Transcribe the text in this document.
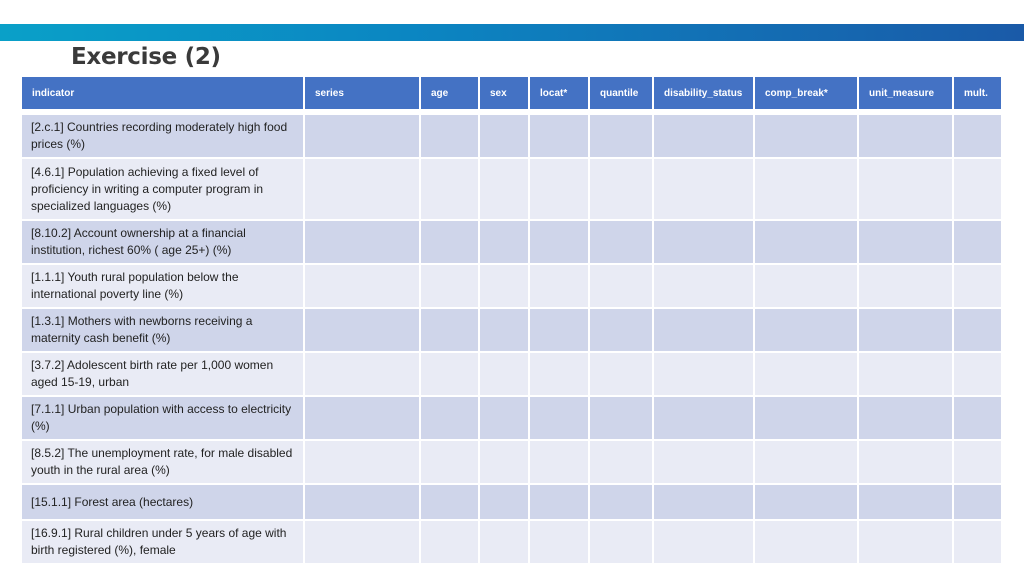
Exercise (2)
indicator	series	age	sex	locat*	quantile	disability_status	comp_break*	unit_measure	mult.

[2.c.1] Countries recording moderately high food prices (%)									
[4.6.1] Population achieving a fixed level of proficiency in writing a computer program in specialized languages (%)									
[8.10.2] Account ownership at a financial institution, richest 60% ( age 25+) (%)									
[1.1.1] Youth rural population below the international poverty line (%)									
[1.3.1] Mothers with newborns receiving a maternity cash benefit (%)									
[3.7.2] Adolescent birth rate per 1,000 women aged 15-19, urban									
[7.1.1] Urban population with access to electricity (%)									
[8.5.2] The unemployment rate, for male disabled youth in the rural area (%)									
[15.1.1] Forest area (hectares)									
[16.9.1] Rural children under 5 years of age with birth registered (%), female									
